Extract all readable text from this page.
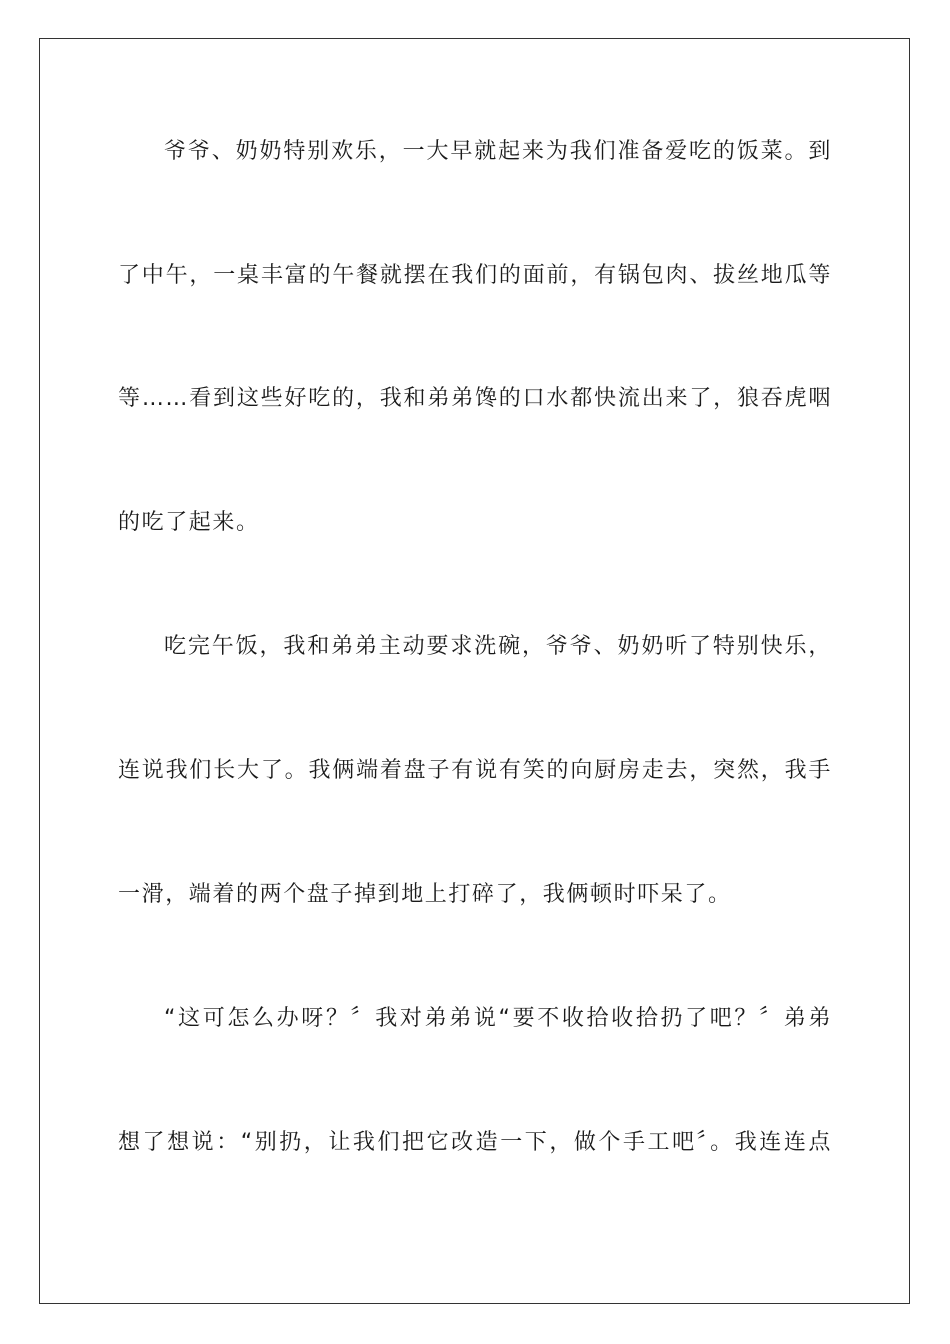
爷爷、奶奶特别欢乐，一大早就起来为我们准备爱吃的饭菜。到
了中午，一桌丰富的午餐就摆在我们的面前，有锅包肉、拔丝地瓜等
等……看到这些好吃的，我和弟弟馋的口水都快流出来了，狼吞虎咽
的吃了起来。
吃完午饭，我和弟弟主动要求洗碗，爷爷、奶奶听了特别快乐，
连说我们长大了。我俩端着盘子有说有笑的向厨房走去，突然，我手
一滑，端着的两个盘子掉到地上打碎了，我俩顿时吓呆了。
“这可怎么办呀？〞我对弟弟说“要不收拾收拾扔了吧？〞弟弟
想了想说：“别扔，让我们把它改造一下，做个手工吧〞。我连连点
